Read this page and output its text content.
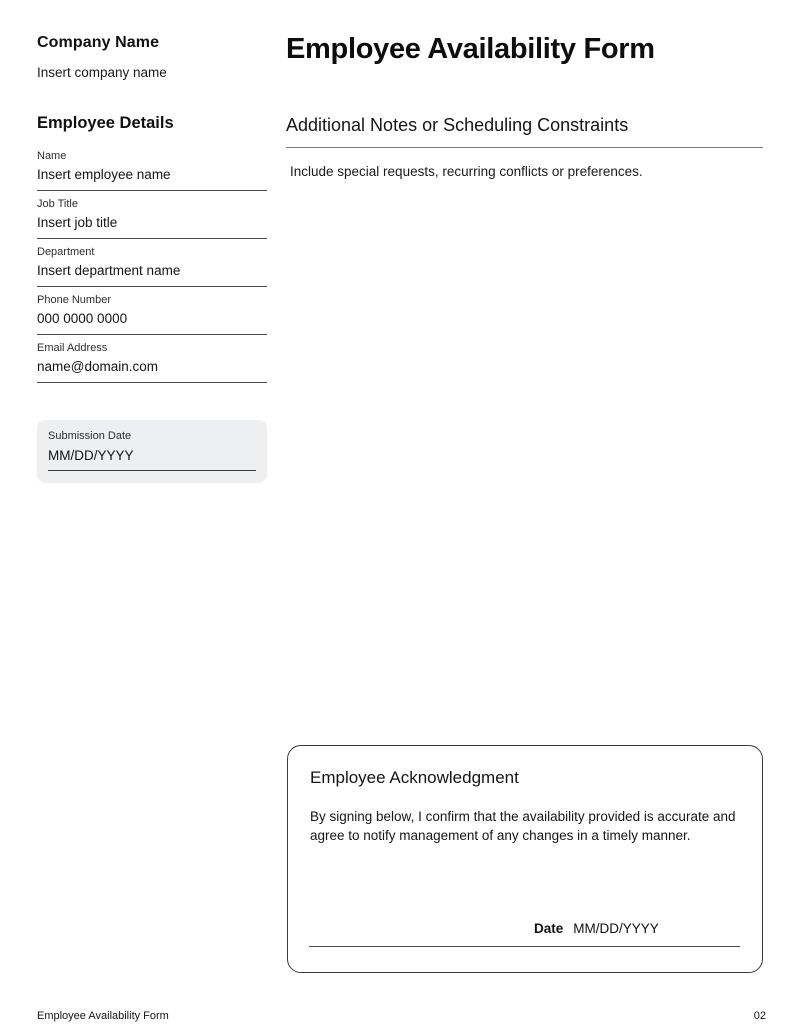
Company Name
Insert company name
Employee Details
Name
Insert employee name
Job Title
Insert job title
Department
Insert department name
Phone Number
000 0000 0000
Email Address
name@domain.com
Submission Date
MM/DD/YYYY
Employee Availability Form
Additional Notes or Scheduling Constraints
Include special requests, recurring conflicts or preferences.
Employee Acknowledgment
By signing below, I confirm that the availability provided is accurate and agree to notify management of any changes in a timely manner.
Date MM/DD/YYYY
Employee Availability Form	02
